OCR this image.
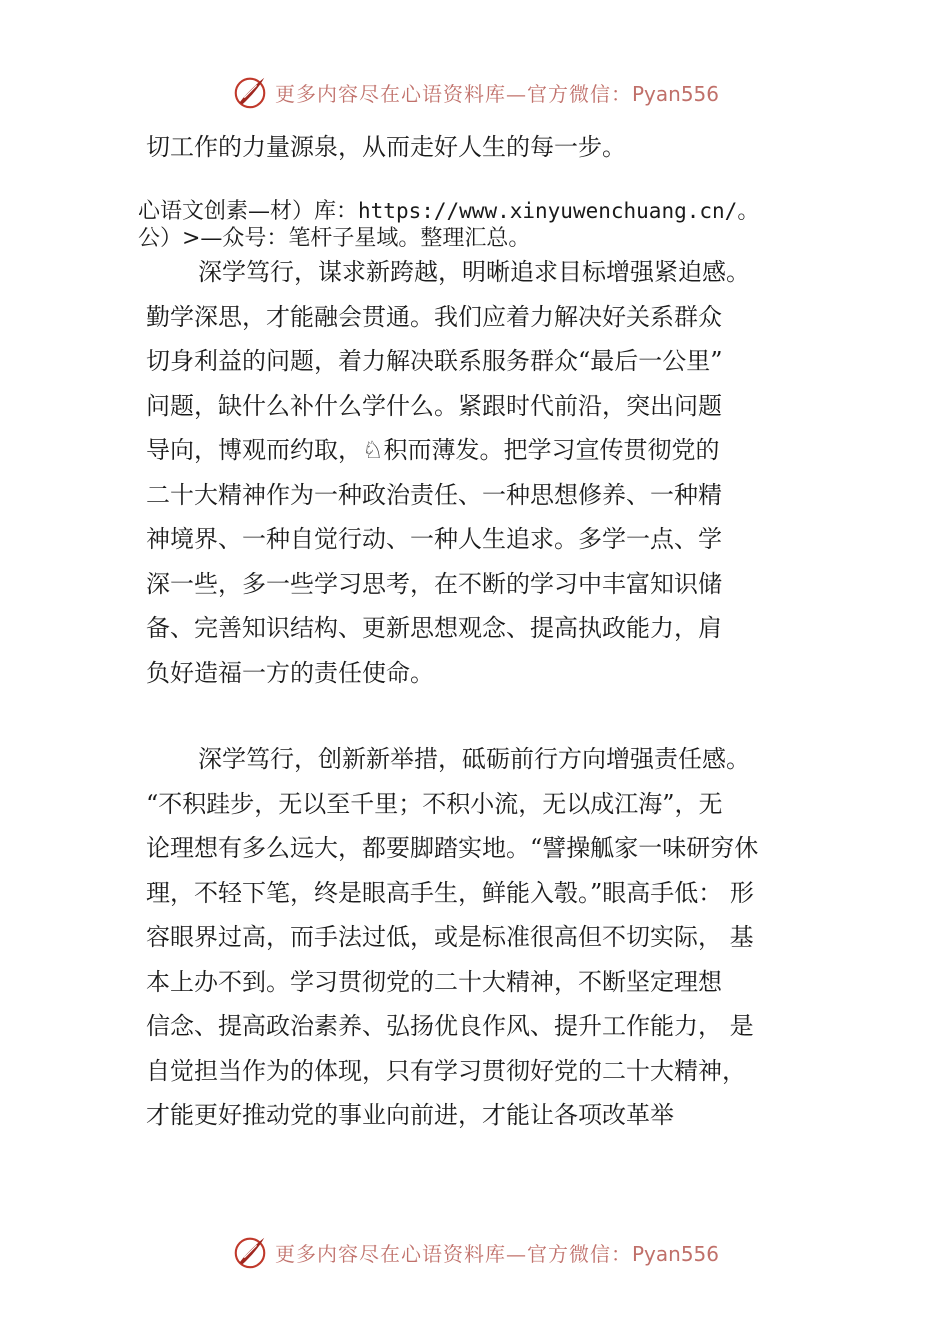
更多内容尽在心语资料库—官方微信：Pyan556
切工作的力量源泉，从而走好人生的每一步。
心语文创素—材）库：https://www.xinyuwenchuang.cn/。
公）>—众号：笔杆子星域。整理汇总。
深学笃行，谋求新跨越，明晰追求目标增强紧迫感。
勤学深思，才能融会贯通。我们应着力解决好关系群众
切身利益的问题，着力解决联系服务群众“最后一公里”
问题，缺什么补什么学什么。紧跟时代前沿，突出问题
导向，博观而约取，♘积而薄发。把学习宣传贯彻党的
二十大精神作为一种政治责任、一种思想修养、一种精
神境界、一种自觉行动、一种人生追求。多学一点、学
深一些，多一些学习思考，在不断的学习中丰富知识储
备、完善知识结构、更新思想观念、提高执政能力，肩
负好造福一方的责任使命。
深学笃行，创新新举措，砥砺前行方向增强责任感。
“不积跬步，无以至千里；不积小流，无以成江海”，无
论理想有多么远大，都要脚踏实地。“譬操觚家一味研穷休
理，不轻下笔，终是眼高手生，鲜能入彀。”眼高手低： 形
容眼界过高，而手法过低，或是标准很高但不切实际， 基
本上办不到。学习贯彻党的二十大精神，不断坚定理想
信念、提高政治素养、弘扬优良作风、提升工作能力， 是
自觉担当作为的体现，只有学习贯彻好党的二十大精神，
才能更好推动党的事业向前进，才能让各项改革举
更多内容尽在心语资料库—官方微信：Pyan556
